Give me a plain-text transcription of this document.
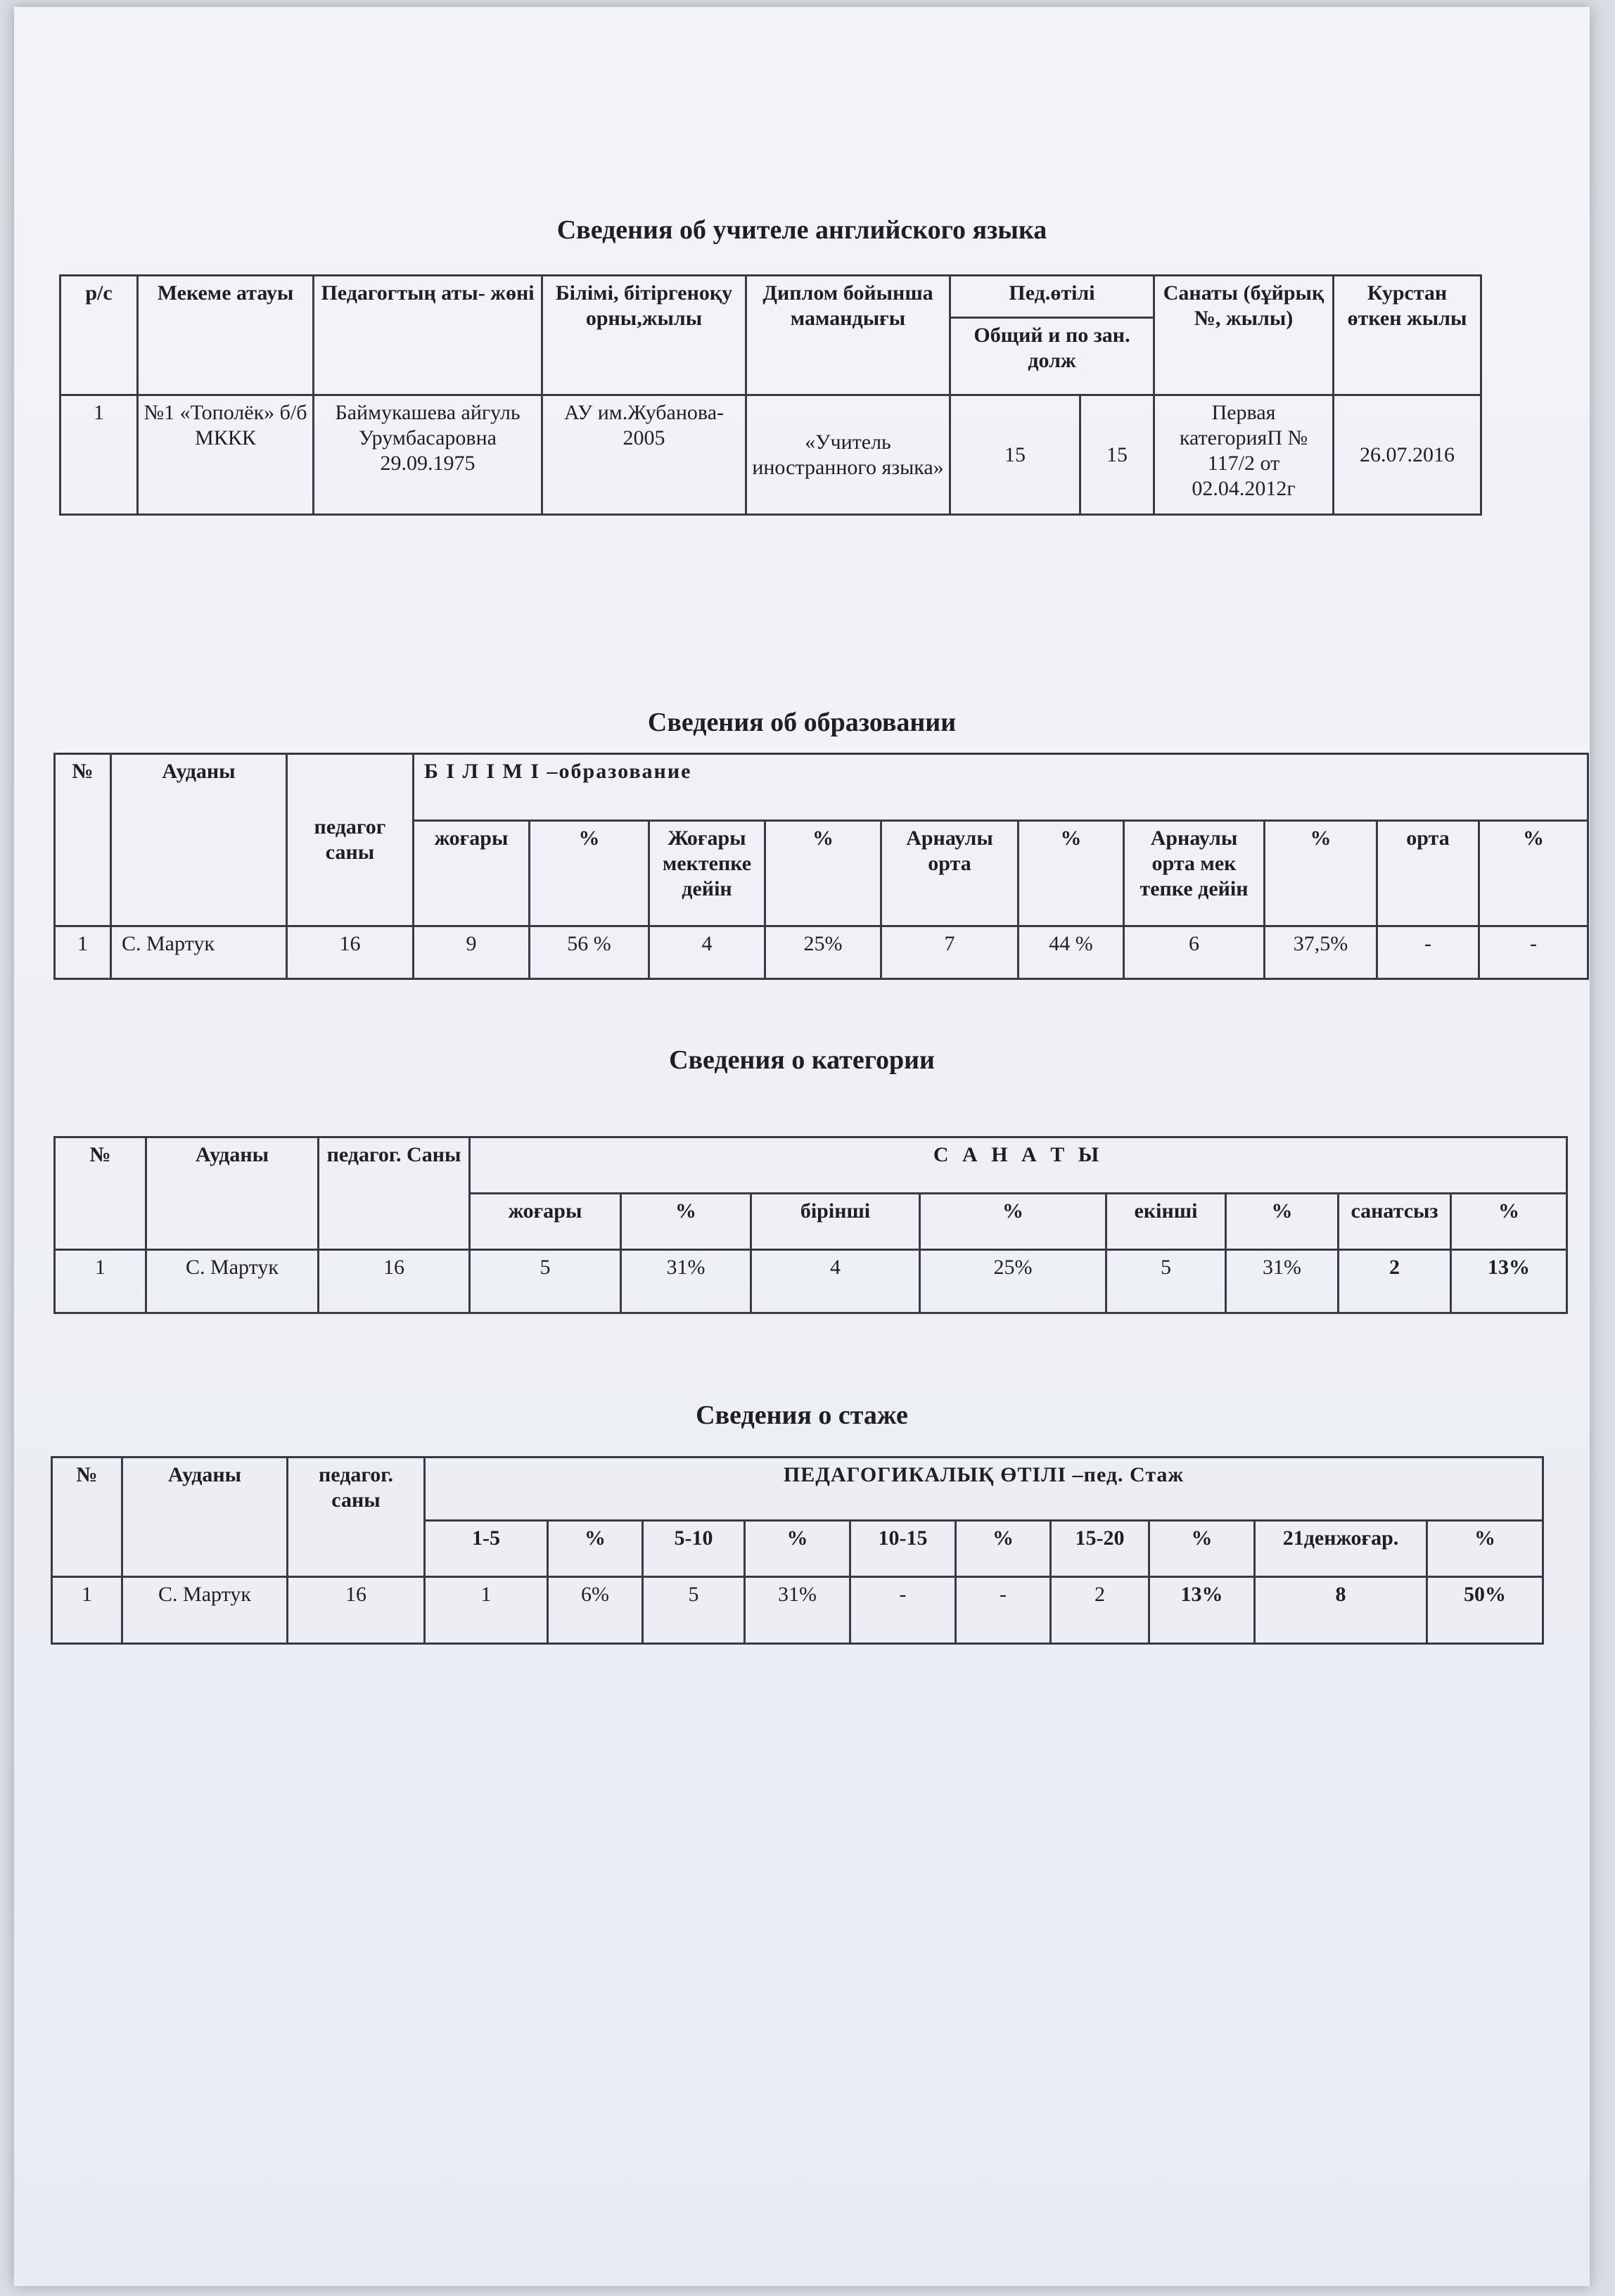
Сведения об учителе английского языка
р/с	Мекеме атауы	Педагогтың аты- жөні	Білімі, бітіргеноқу орны,жылы	Диплом бойынша мамандығы	Пед.өтілі		Санаты (бұйрық №, жылы)	Курстан өткен жылы
					Общий и по зан. долж			
1	№1 «Тополёк» б/б МККК	Баймукашева айгуль Урумбасаровна 29.09.1975	АУ им.Жубанова- 2005	«Учитель иностранного языка»	15	15	Первая категорияП № 117/2 от 02.04.2012г	26.07.2016
Сведения об образовании
№	Ауданы	педагог саны	Б І Л І М І –образование									
			жоғары	%	Жоғары мектепке дейін	%	Арнаулы орта	%	Арнаулы орта мек тепке дейін	%	орта	%
1	С. Мартук	16	9	56 %	4	25%	7	44 %	6	37,5%	-	-
Сведения о категории
№	Ауданы	педагог. Саны	С А Н А Т Ы							
			жоғары	%	бірінші	%	екінші	%	санатсыз	%
1	С. Мартук	16	5	31%	4	25%	5	31%	2	13%
Сведения о стаже
№	Ауданы	педагог. саны	ПЕДАГОГИКАЛЫҚ ӨТІЛІ –пед. Стаж									
			1-5	%	5-10	%	10-15	%	15-20	%	21денжоғар.	%
1	С. Мартук	16	1	6%	5	31%	-	-	2	13%	8	50%
